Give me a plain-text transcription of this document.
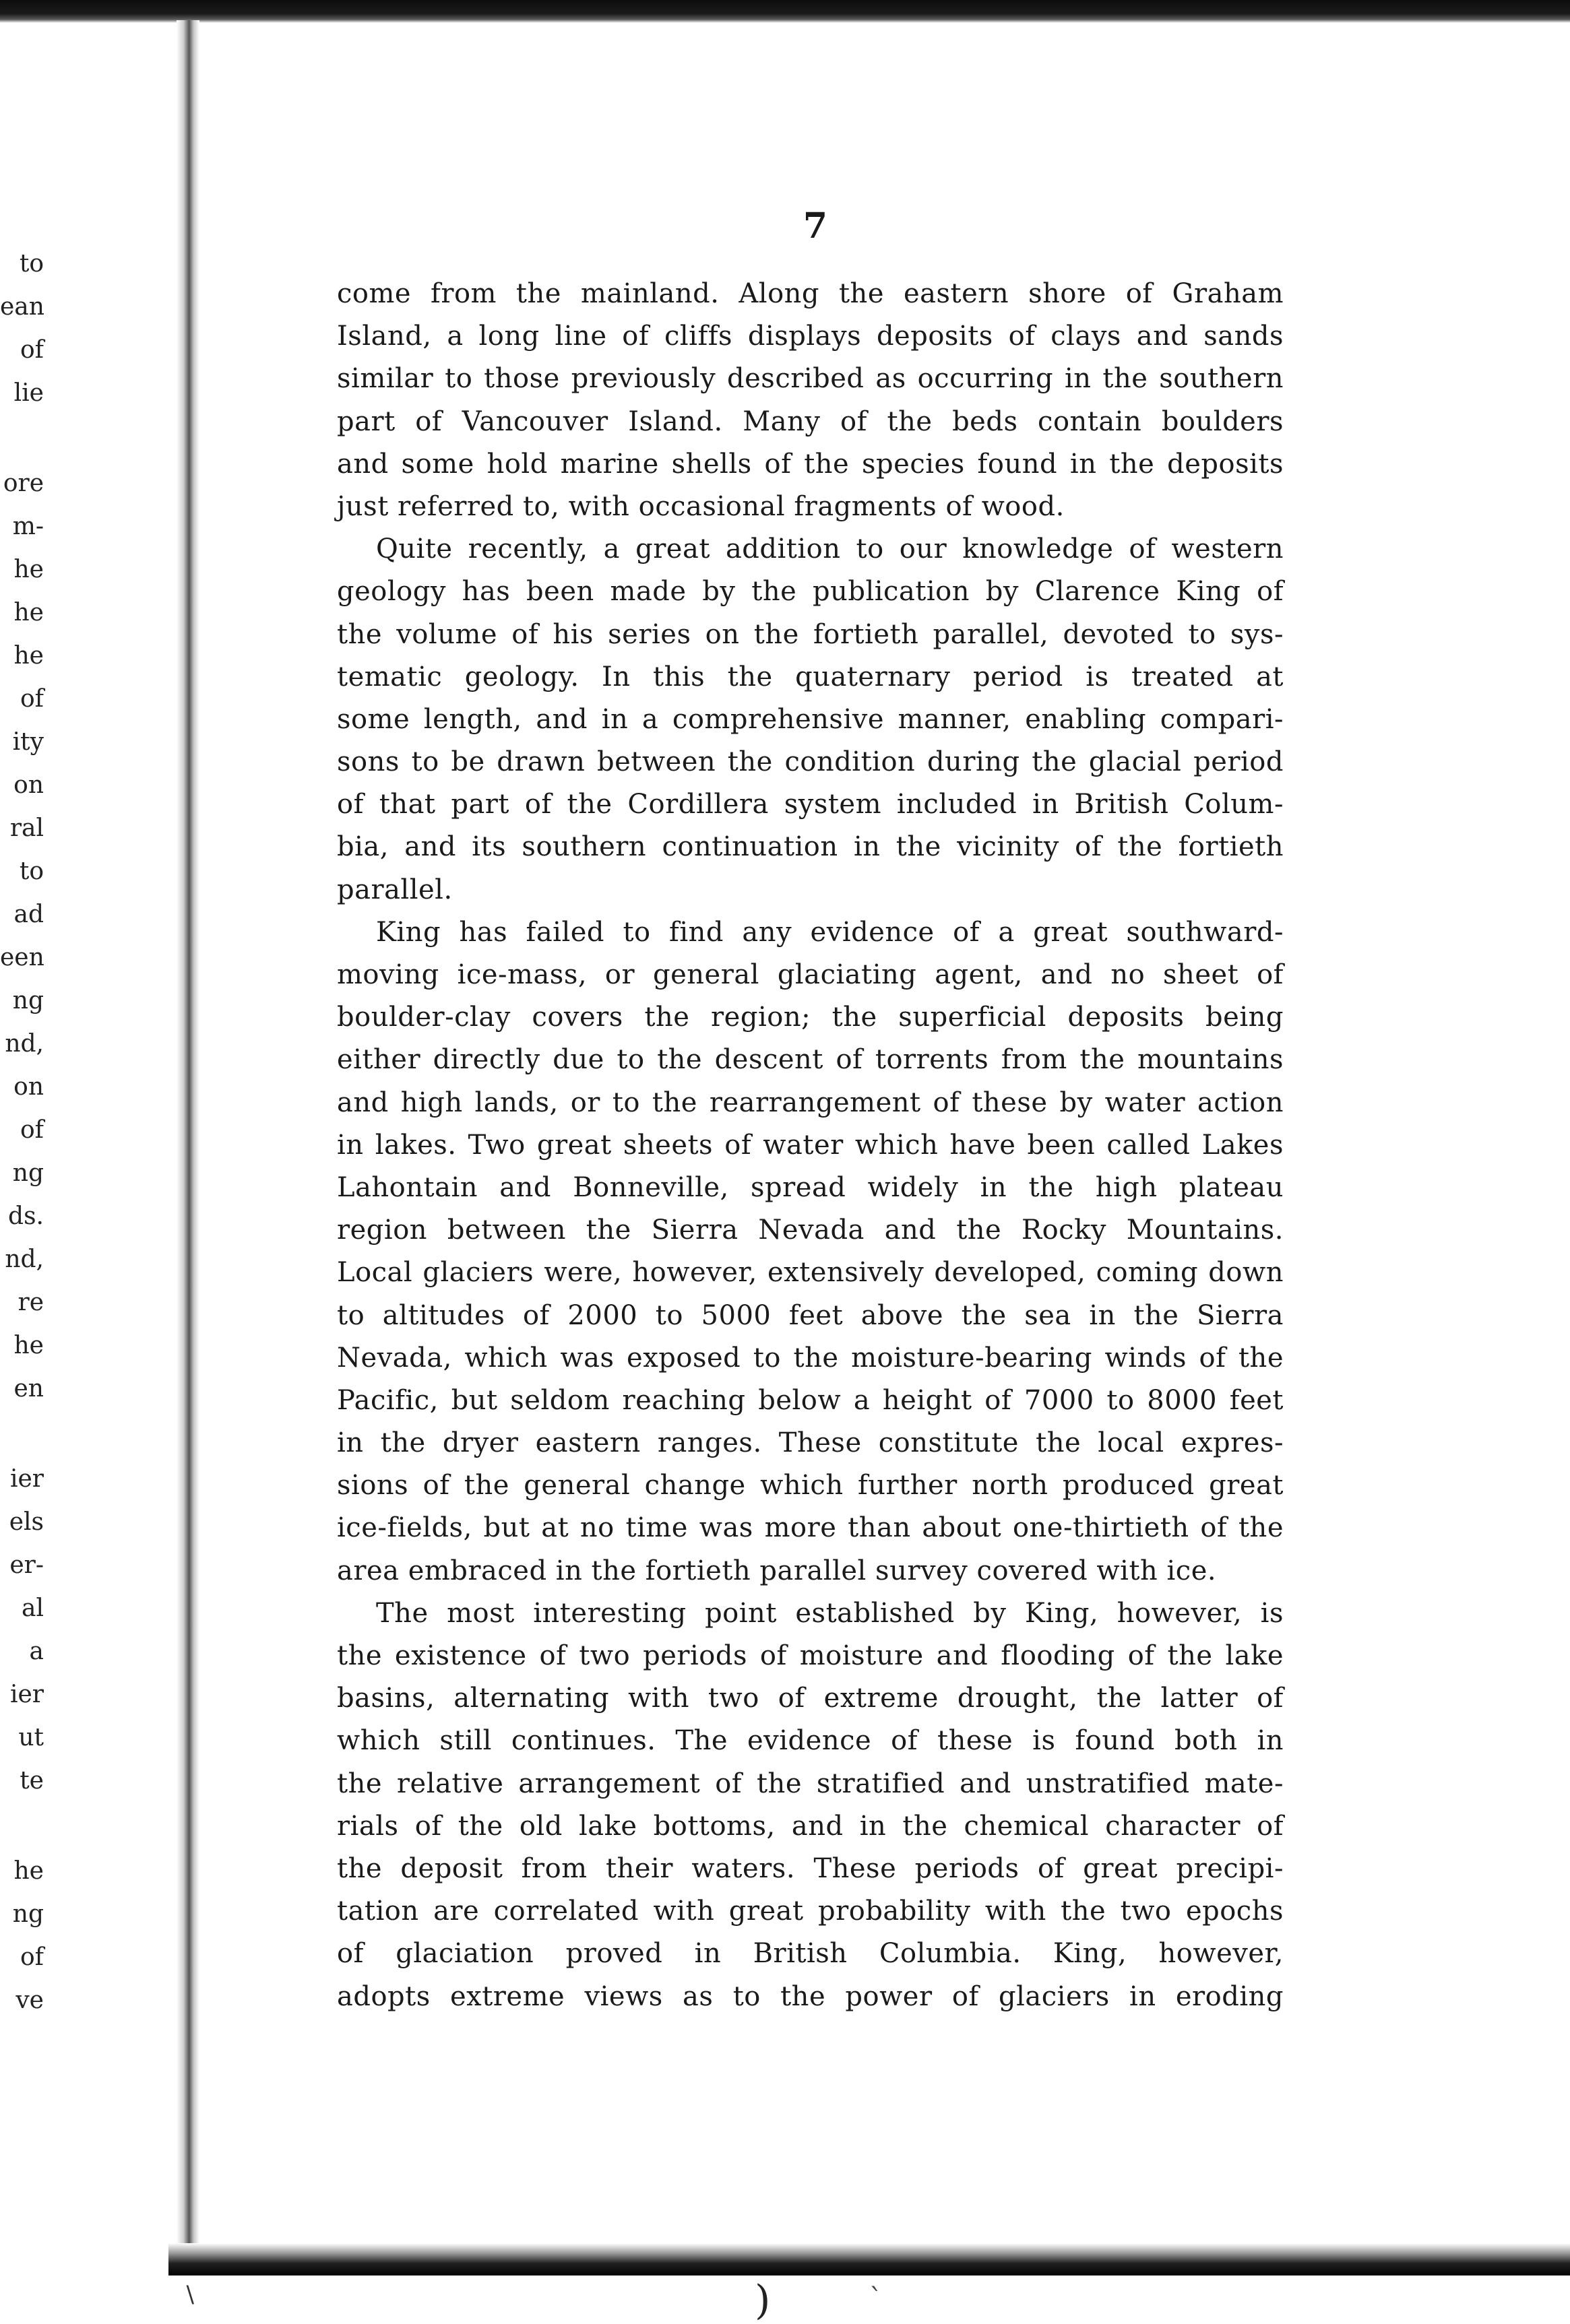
to
ean
of
lie
ore
m-
he
he
he
of
ity
on
ral
to
ad
een
ng
nd,
on
of
ng
ds.
nd,
re
he
en
ier
els
er-
al
a
ier
ut
te
he
ng
of
ve
7
come from the mainland. Along the eastern shore of Graham
Island, a long line of cliffs displays deposits of clays and sands
similar to those previously described as occurring in the southern
part of Vancouver Island. Many of the beds contain boulders
and some hold marine shells of the species found in the deposits
just referred to, with occasional fragments of wood.
Quite recently, a great addition to our knowledge of western
geology has been made by the publication by Clarence King of
the volume of his series on the fortieth parallel, devoted to sys-
tematic geology. In this the quaternary period is treated at
some length, and in a comprehensive manner, enabling compari-
sons to be drawn between the condition during the glacial period
of that part of the Cordillera system included in British Colum-
bia, and its southern continuation in the vicinity of the fortieth
parallel.
King has failed to find any evidence of a great southward-
moving ice-mass, or general glaciating agent, and no sheet of
boulder-clay covers the region; the superficial deposits being
either directly due to the descent of torrents from the mountains
and high lands, or to the rearrangement of these by water action
in lakes. Two great sheets of water which have been called Lakes
Lahontain and Bonneville, spread widely in the high plateau
region between the Sierra Nevada and the Rocky Mountains.
Local glaciers were, however, extensively developed, coming down
to altitudes of 2000 to 5000 feet above the sea in the Sierra
Nevada, which was exposed to the moisture-bearing winds of the
Pacific, but seldom reaching below a height of 7000 to 8000 feet
in the dryer eastern ranges. These constitute the local expres-
sions of the general change which further north produced great
ice-fields, but at no time was more than about one-thirtieth of the
area embraced in the fortieth parallel survey covered with ice.
The most interesting point established by King, however, is
the existence of two periods of moisture and flooding of the lake
basins, alternating with two of extreme drought, the latter of
which still continues. The evidence of these is found both in
the relative arrangement of the stratified and unstratified mate-
rials of the old lake bottoms, and in the chemical character of
the deposit from their waters. These periods of great precipi-
tation are correlated with great probability with the two epochs
of glaciation proved in British Columbia. King, however,
adopts extreme views as to the power of glaciers in eroding
∖	)	ˋ
